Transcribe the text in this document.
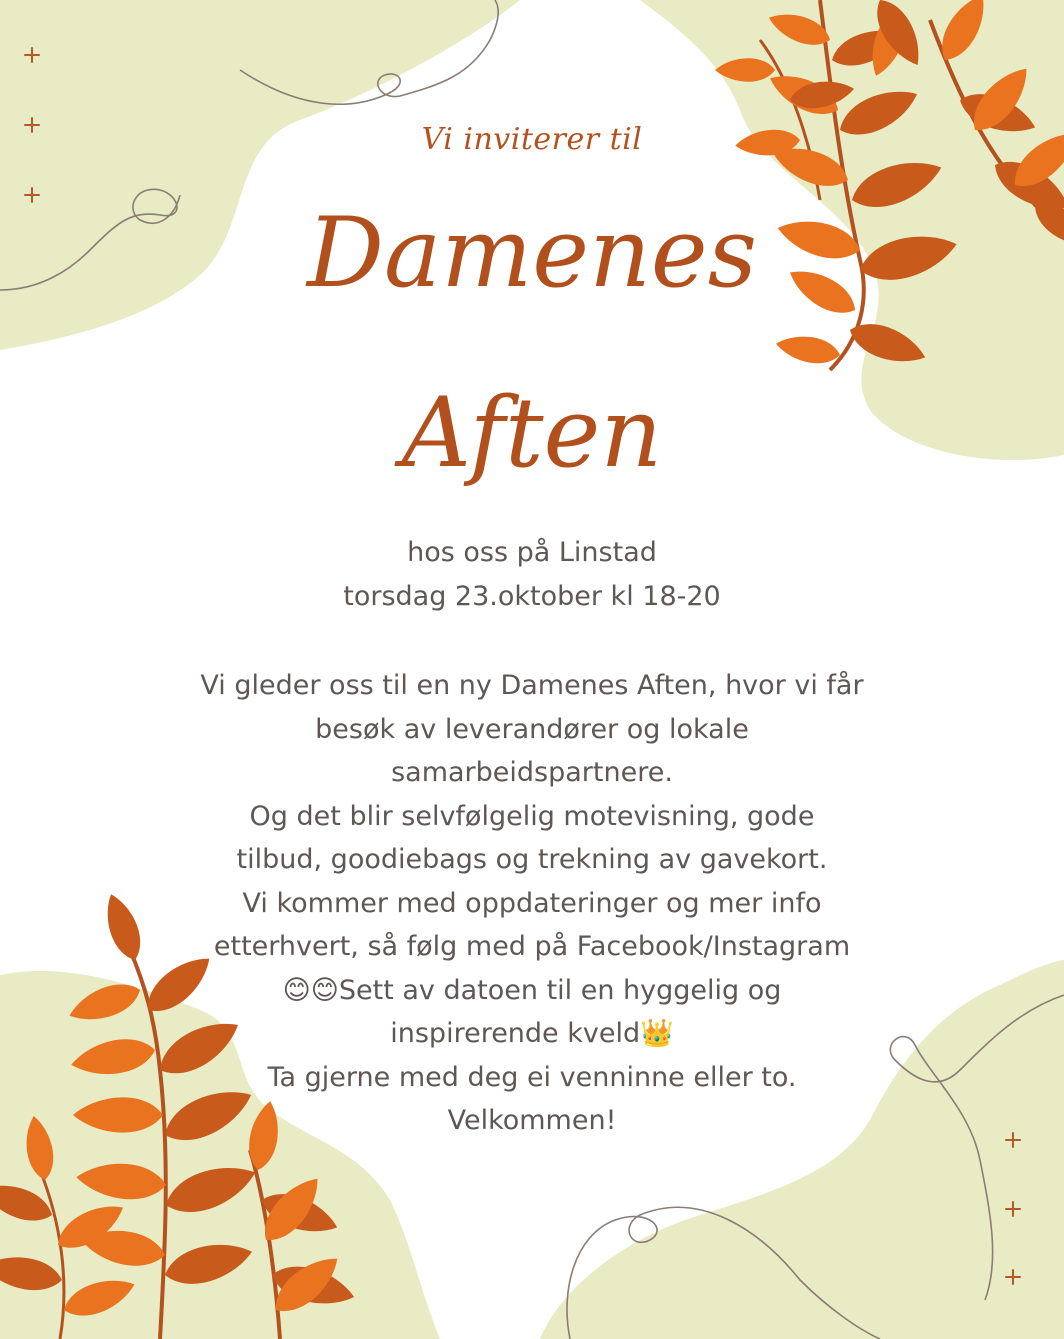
Vi inviterer til
Damenes
Aften
hos oss på Linstad
torsdag 23.oktober kl 18-20
Vi gleder oss til en ny Damenes Aften, hvor vi får
besøk av leverandører og lokale
samarbeidspartnere.
Og det blir selvfølgelig motevisning, gode
tilbud, goodiebags og trekning av gavekort.
Vi kommer med oppdateringer og mer info
etterhvert, så følg med på Facebook/Instagram
😊😊Sett av datoen til en hyggelig og
inspirerende kveld👑
Ta gjerne med deg ei venninne eller to.
Velkommen!
